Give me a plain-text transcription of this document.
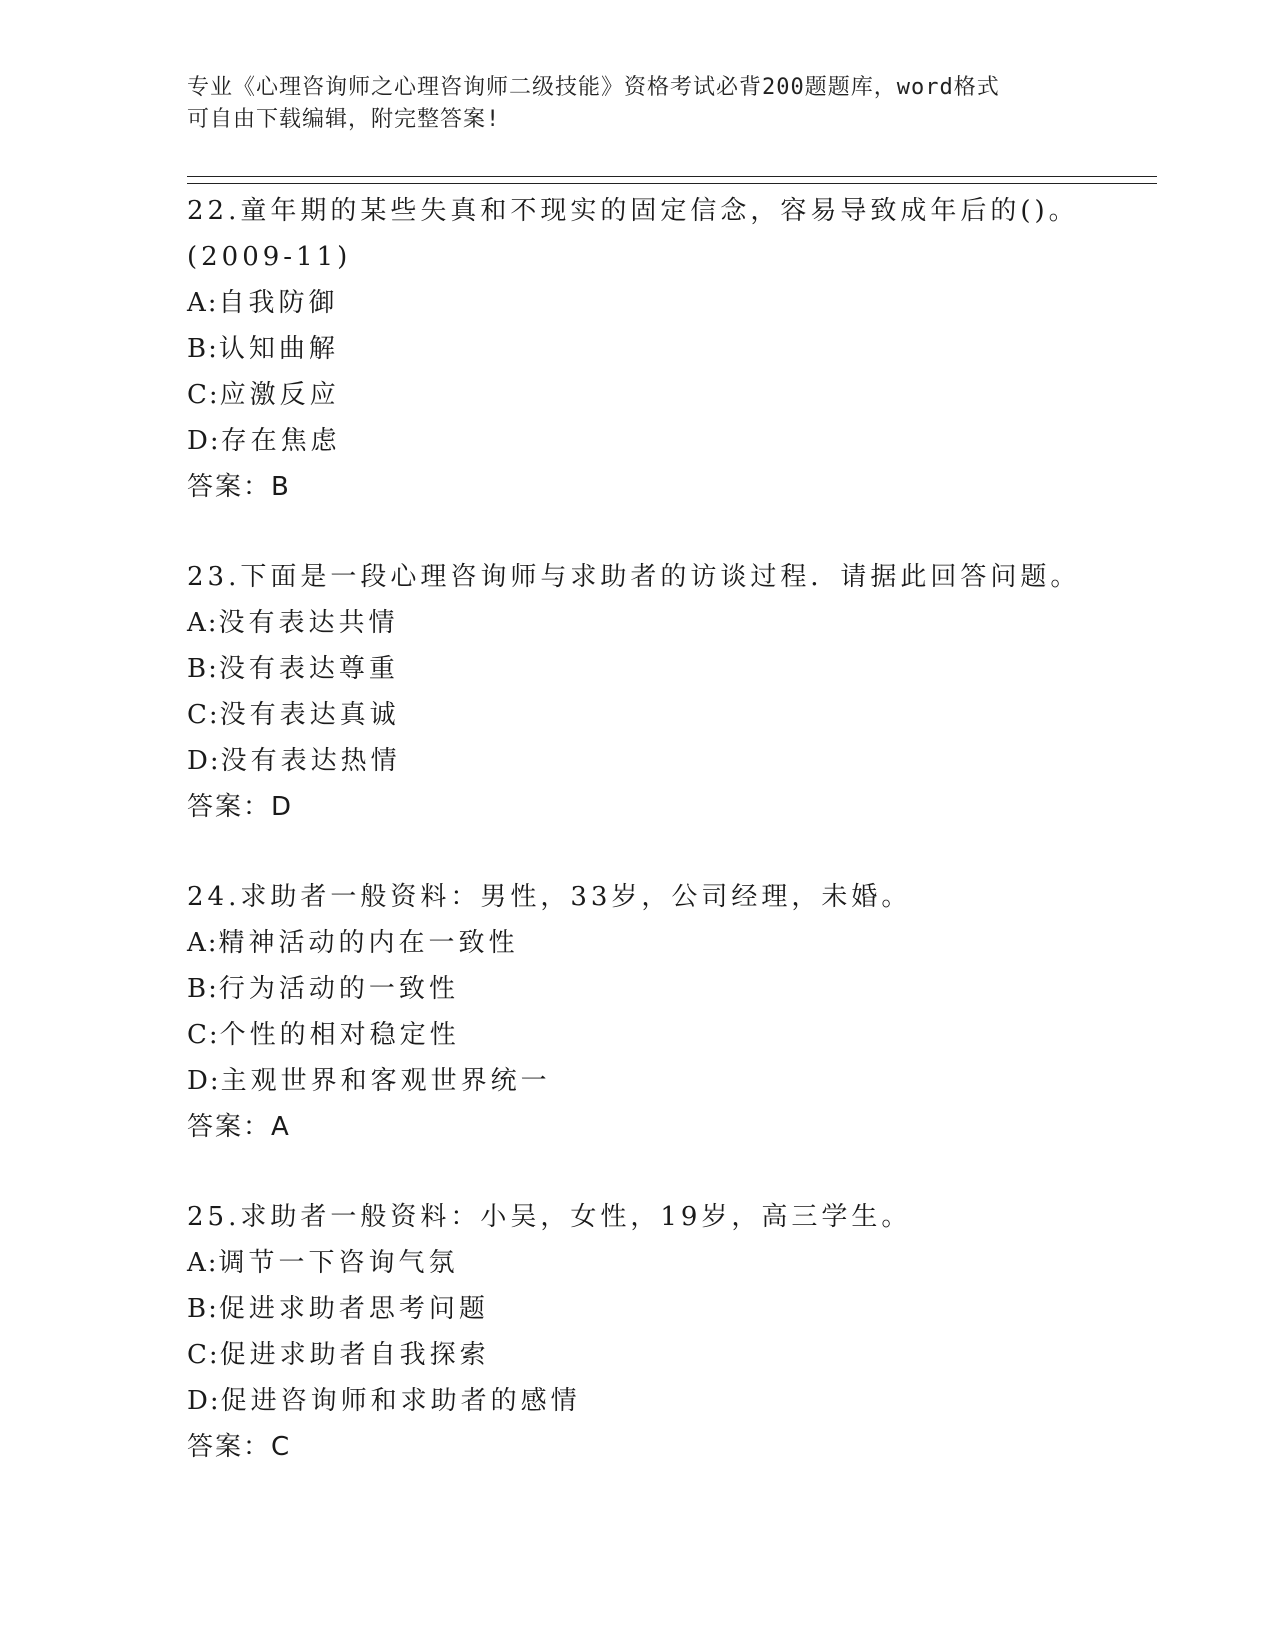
专业《心理咨询师之心理咨询师二级技能》资格考试必背200题题库，word格式
可自由下载编辑，附完整答案!
22.童年期的某些失真和不现实的固定信念，容易导致成年后的()。
(2009-11)
A:自我防御
B:认知曲解
C:应激反应
D:存在焦虑
答案：B
23.下面是一段心理咨询师与求助者的访谈过程．请据此回答问题。
A:没有表达共情
B:没有表达尊重
C:没有表达真诚
D:没有表达热情
答案：D
24.求助者一般资料：男性，33岁，公司经理，未婚。
A:精神活动的内在一致性
B:行为活动的一致性
C:个性的相对稳定性
D:主观世界和客观世界统一
答案：A
25.求助者一般资料：小吴，女性，19岁，高三学生。
A:调节一下咨询气氛
B:促进求助者思考问题
C:促进求助者自我探索
D:促进咨询师和求助者的感情
答案：C
